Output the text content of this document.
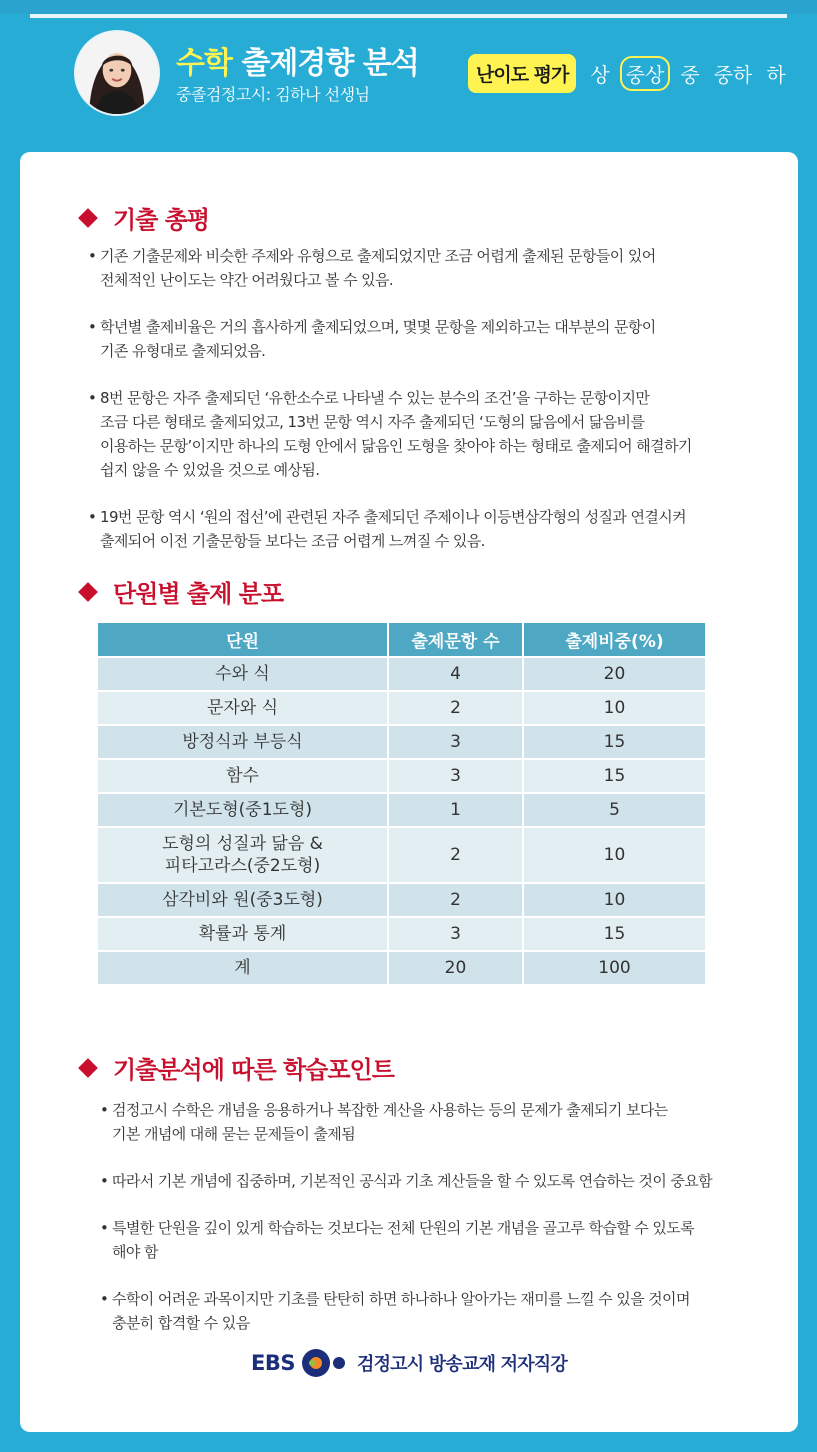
수학 출제경향 분석
중졸검정고시: 김하나 선생님
난이도 평가	상 중상 중 중하 하
기출 총평
• 기존 기출문제와 비슷한 주제와 유형으로 출제되었지만 조금 어렵게 출제된 문항들이 있어
전체적인 난이도는 약간 어려웠다고 볼 수 있음.
• 학년별 출제비율은 거의 흡사하게 출제되었으며, 몇몇 문항을 제외하고는 대부분의 문항이
기존 유형대로 출제되었음.
• 8번 문항은 자주 출제되던 ‘유한소수로 나타낼 수 있는 분수의 조건’을 구하는 문항이지만
조금 다른 형태로 출제되었고, 13번 문항 역시 자주 출제되던 ‘도형의 닮음에서 닮음비를
이용하는 문항’이지만 하나의 도형 안에서 닮음인 도형을 찾아야 하는 형태로 출제되어 해결하기
쉽지 않을 수 있었을 것으로 예상됨.
• 19번 문항 역시 ‘원의 접선’에 관련된 자주 출제되던 주제이나 이등변삼각형의 성질과 연결시켜
출제되어 이전 기출문항들 보다는 조금 어렵게 느껴질 수 있음.
단원별 출제 분포
단원	출제문항 수	출제비중(%)
수와 식	4	20
문자와 식	2	10
방정식과 부등식	3	15
함수	3	15
기본도형(중1도형)	1	5
도형의 성질과 닮음 &
피타고라스(중2도형)	2	10
삼각비와 원(중3도형)	2	10
확률과 통계	3	15
계	20	100
기출분석에 따른 학습포인트
• 검정고시 수학은 개념을 응용하거나 복잡한 계산을 사용하는 등의 문제가 출제되기 보다는
기본 개념에 대해 묻는 문제들이 출제됨
• 따라서 기본 개념에 집중하며, 기본적인 공식과 기초 계산들을 할 수 있도록 연습하는 것이 중요함
• 특별한 단원을 깊이 있게 학습하는 것보다는 전체 단원의 기본 개념을 골고루 학습할 수 있도록
해야 함
• 수학이 어려운 과목이지만 기초를 탄탄히 하면 하나하나 알아가는 재미를 느낄 수 있을 것이며
충분히 합격할 수 있음
EBS	검정고시 방송교재 저자직강
